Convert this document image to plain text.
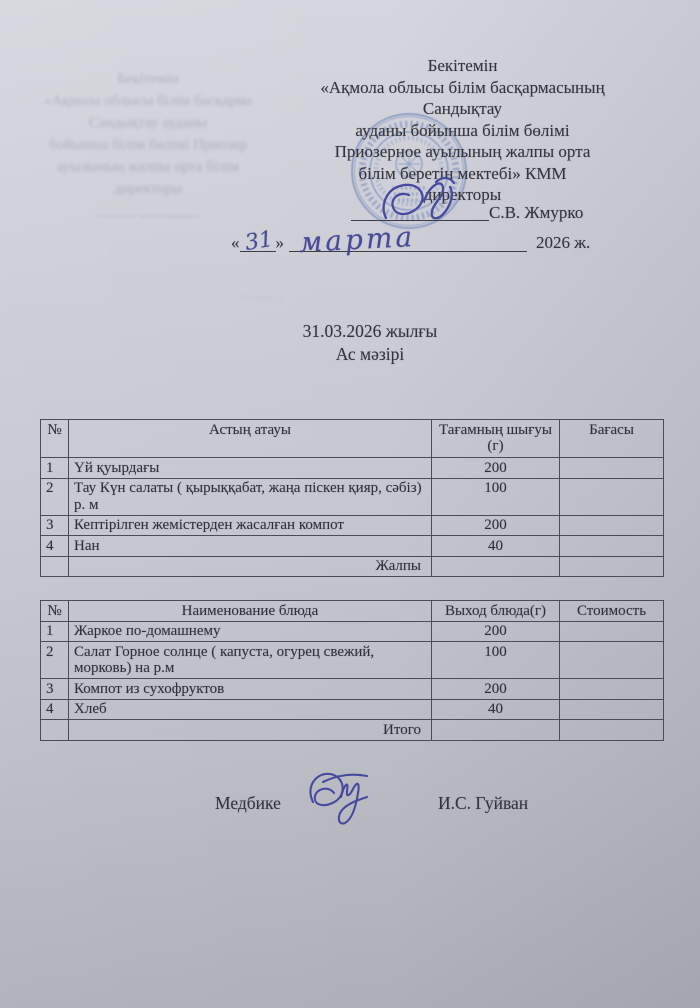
Бекітемін
«Ақмола облысы білім басқарма
Сандықтау ауданы
бойынша білім бөлімі Приозер
ауылының жалпы орта білім
директоры
_____ ________
~ ~~~ ~
Бекітемін
«Ақмола облысы білім басқармасының
Сандықтау
ауданы бойынша білім бөлімі
Приозерное ауылының жалпы орта
білім беретін мектебі» КММ
директоры
С.В. Жмурко
« 31 » марта	2026 ж.
31.03.2026 жылғы
Ас мәзірі
№	Астың атауы	Тағамның шығуы (г)	Бағасы
1	Үй қуырдағы	200	
2	Тау Күн салаты ( қырыққабат, жаңа піскен қияр, сәбіз) р. м	100	
3	Кептірілген жемістерден жасалған компот	200	
4	Нан	40	
	Жалпы		
№	Наименование блюда	Выход блюда(г)	Стоимость
1	Жаркое по-домашнему	200	
2	Салат Горное солнце ( капуста, огурец свежий, морковь) на р.м	100	
3	Компот из сухофруктов	200	
4	Хлеб	40	
	Итого		
Медбике	И.С. Гуйван
